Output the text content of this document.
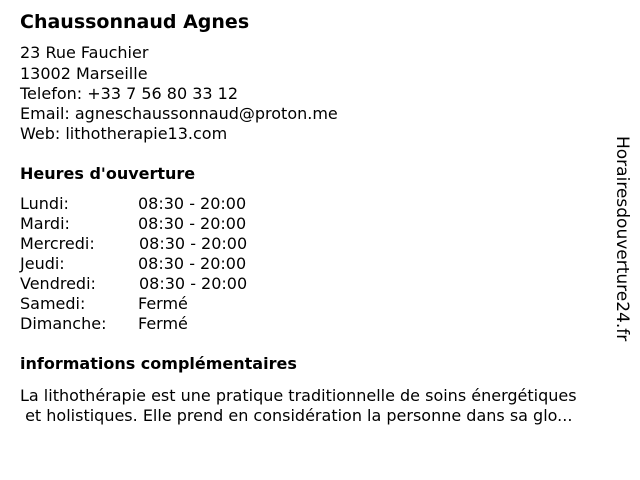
Chaussonnaud Agnes
23 Rue Fauchier
13002 Marseille
Telefon: +33 7 56 80 33 12
Email: agneschaussonnaud@proton.me
Web: lithotherapie13.com
Heures d'ouverture
Lundi:	08:30 - 20:00
Mardi:	08:30 - 20:00
Mercredi:	08:30 - 20:00
Jeudi:	08:30 - 20:00
Vendredi:	08:30 - 20:00
Samedi:	Fermé
Dimanche: Fermé
informations complémentaires
La lithothérapie est une pratique traditionnelle de soins énergétiques
et holistiques. Elle prend en considération la personne dans sa glo...
Horairesdouverture24.fr
